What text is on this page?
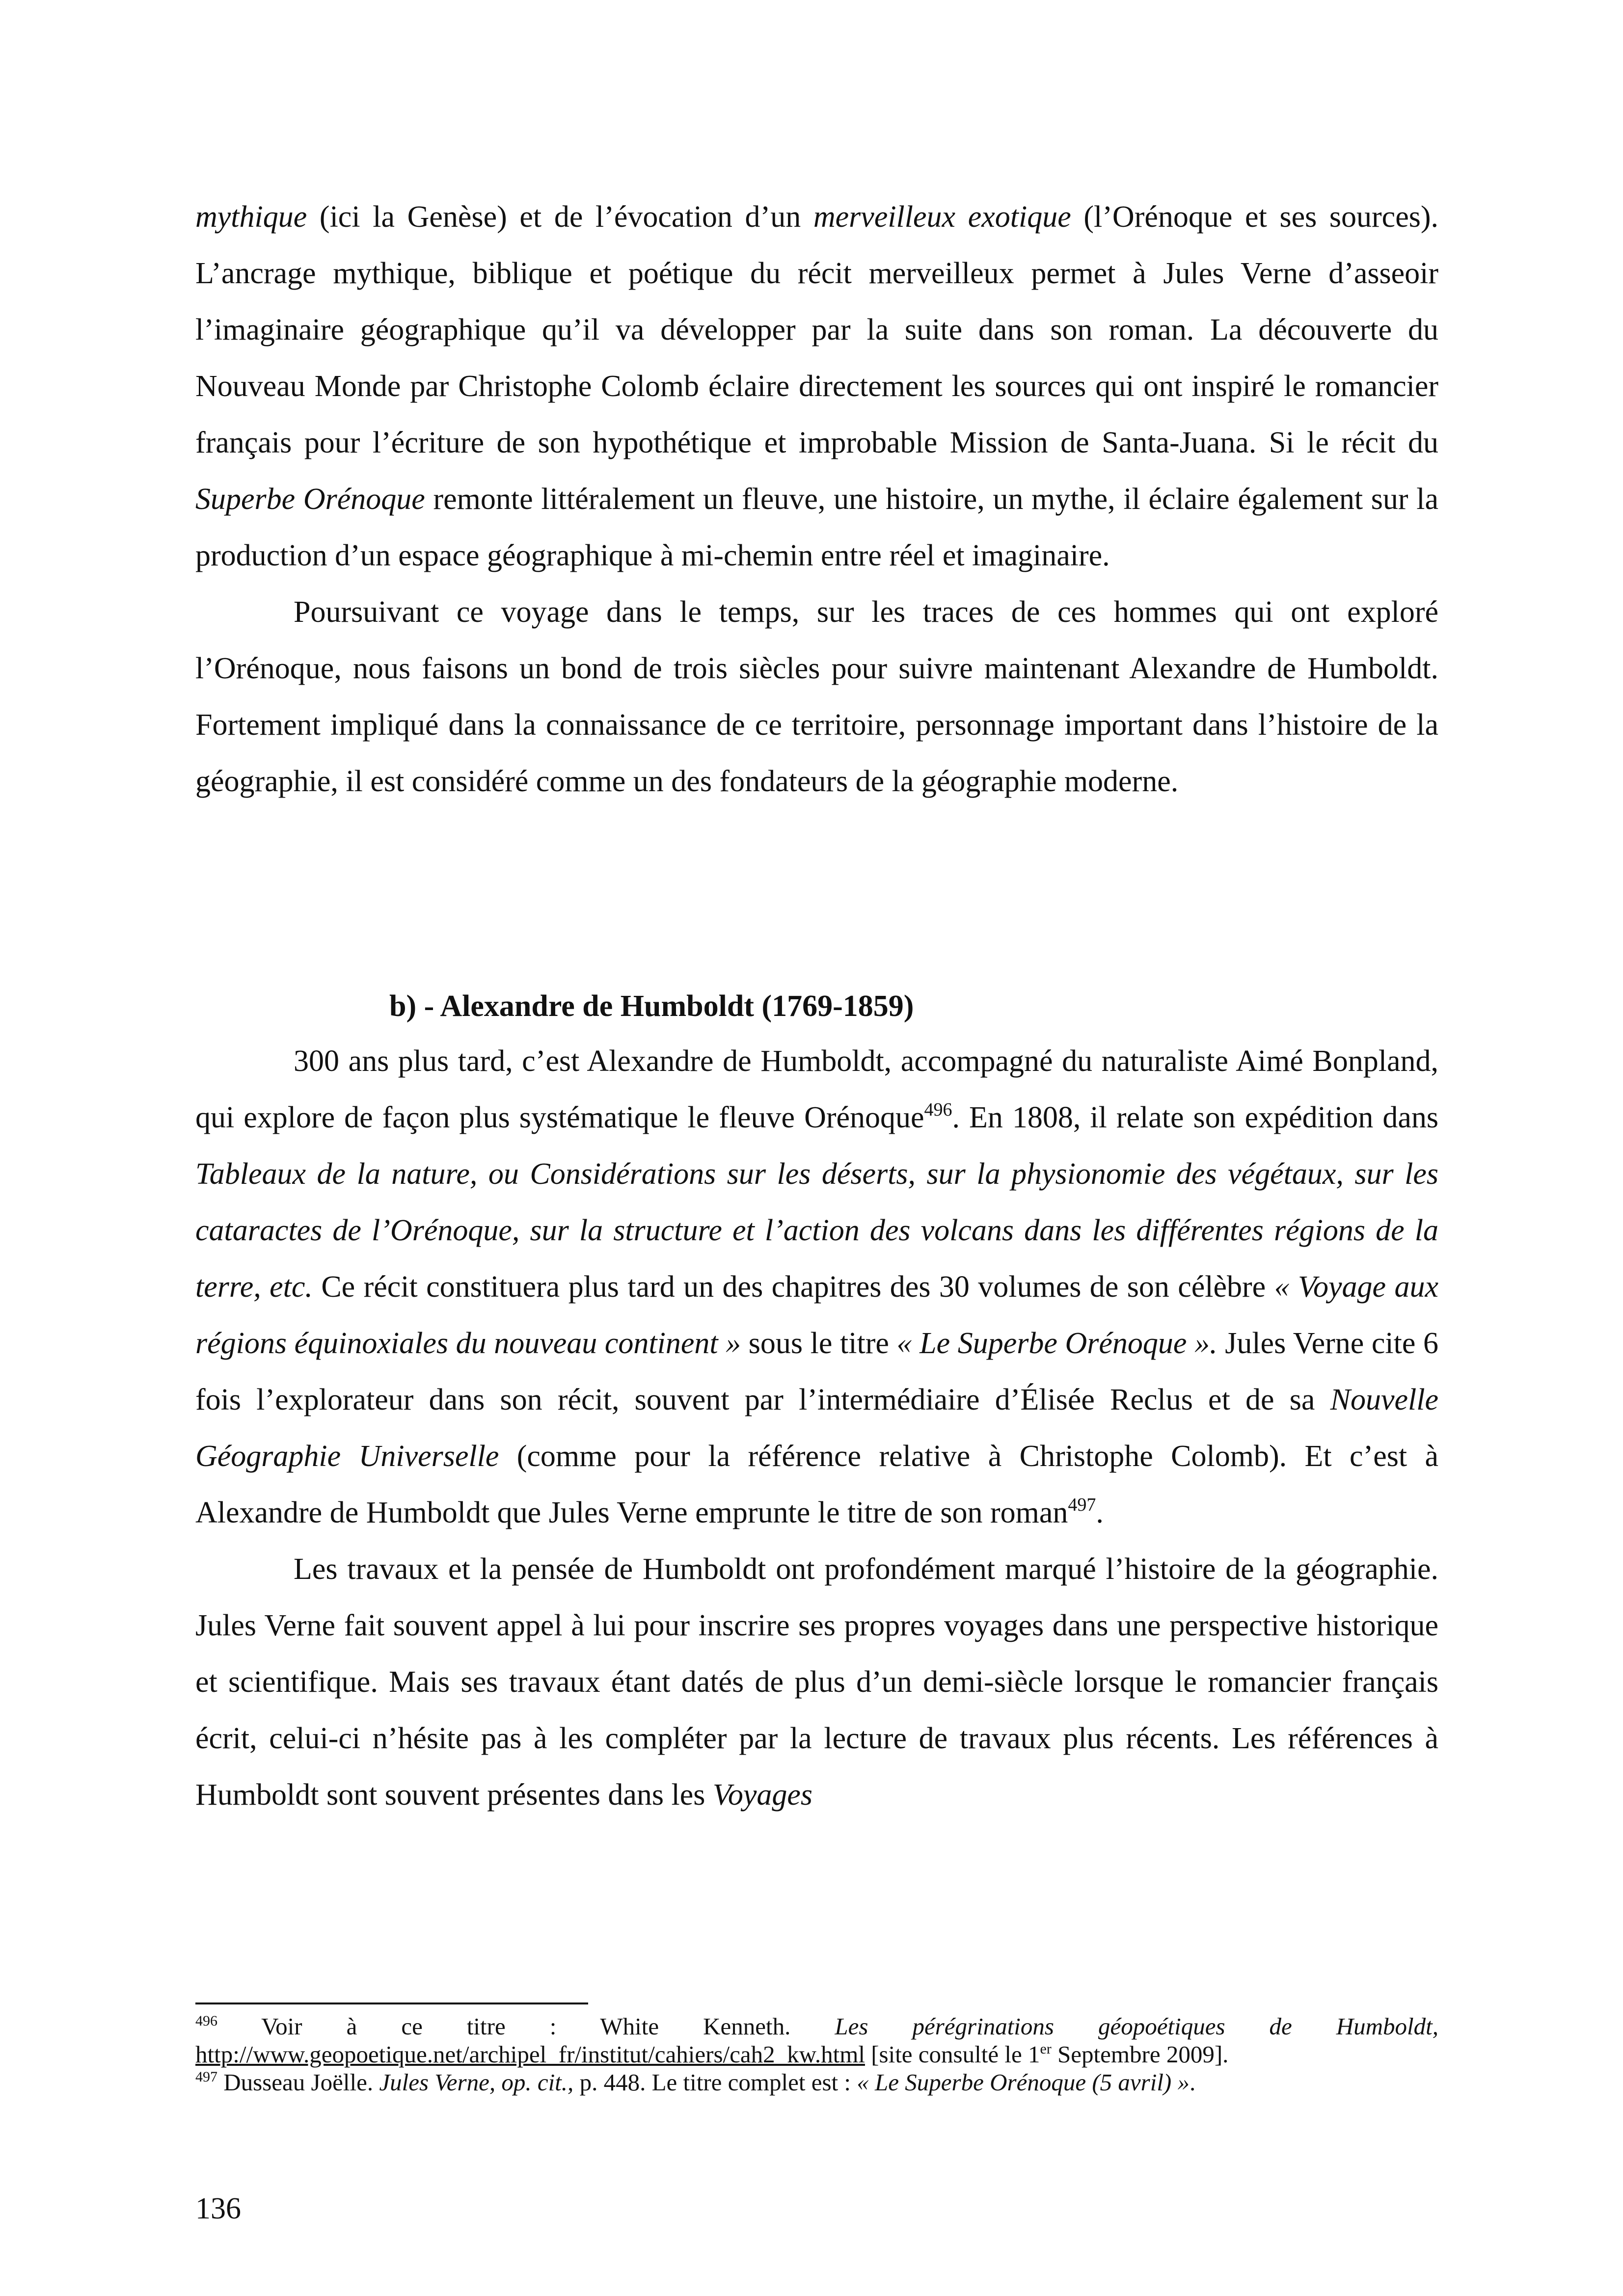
mythique (ici la Genèse) et de l’évocation d’un merveilleux exotique (l’Orénoque et ses sources). L’ancrage mythique, biblique et poétique du récit merveilleux permet à Jules Verne d’asseoir l’imaginaire géographique qu’il va développer par la suite dans son roman. La découverte du Nouveau Monde par Christophe Colomb éclaire directement les sources qui ont inspiré le romancier français pour l’écriture de son hypothétique et improbable Mission de Santa-Juana. Si le récit du Superbe Orénoque remonte littéralement un fleuve, une histoire, un mythe, il éclaire également sur la production d’un espace géographique à mi-chemin entre réel et imaginaire.

Poursuivant ce voyage dans le temps, sur les traces de ces hommes qui ont exploré l’Orénoque, nous faisons un bond de trois siècles pour suivre maintenant Alexandre de Humboldt. Fortement impliqué dans la connaissance de ce territoire, personnage important dans l’histoire de la géographie, il est considéré comme un des fondateurs de la géographie moderne.

b) - Alexandre de Humboldt (1769-1859)

300 ans plus tard, c’est Alexandre de Humboldt, accompagné du naturaliste Aimé Bonpland, qui explore de façon plus systématique le fleuve Orénoque$^{496}$. En 1808, il relate son expédition dans Tableaux de la nature, ou Considérations sur les déserts, sur la physionomie des végétaux, sur les cataractes de l’Orénoque, sur la structure et l’action des volcans dans les différentes régions de la terre, etc. Ce récit constituera plus tard un des chapitres des 30 volumes de son célèbre « Voyage aux régions équinoxiales du nouveau continent » sous le titre « Le Superbe Orénoque ». Jules Verne cite 6 fois l’explorateur dans son récit, souvent par l’intermédiaire d’Élisée Reclus et de sa Nouvelle Géographie Universelle (comme pour la référence relative à Christophe Colomb). Et c’est à Alexandre de Humboldt que Jules Verne emprunte le titre de son roman$^{497}$.

Les travaux et la pensée de Humboldt ont profondément marqué l’histoire de la géographie. Jules Verne fait souvent appel à lui pour inscrire ses propres voyages dans une perspective historique et scientifique. Mais ses travaux étant datés de plus d’un demi-siècle lorsque le romancier français écrit, celui-ci n’hésite pas à les compléter par la lecture de travaux plus récents. Les références à Humboldt sont souvent présentes dans les Voyages

$^{496}$ Voir à ce titre : White Kenneth. Les pérégrinations géopoétiques de Humboldt, http://www.geopoetique.net/archipel_fr/institut/cahiers/cah2_kw.html [site consulté le 1er Septembre 2009].

$^{497}$ Dusseau Joëlle. Jules Verne, op. cit., p. 448. Le titre complet est : « Le Superbe Orénoque (5 avril) ».

136
